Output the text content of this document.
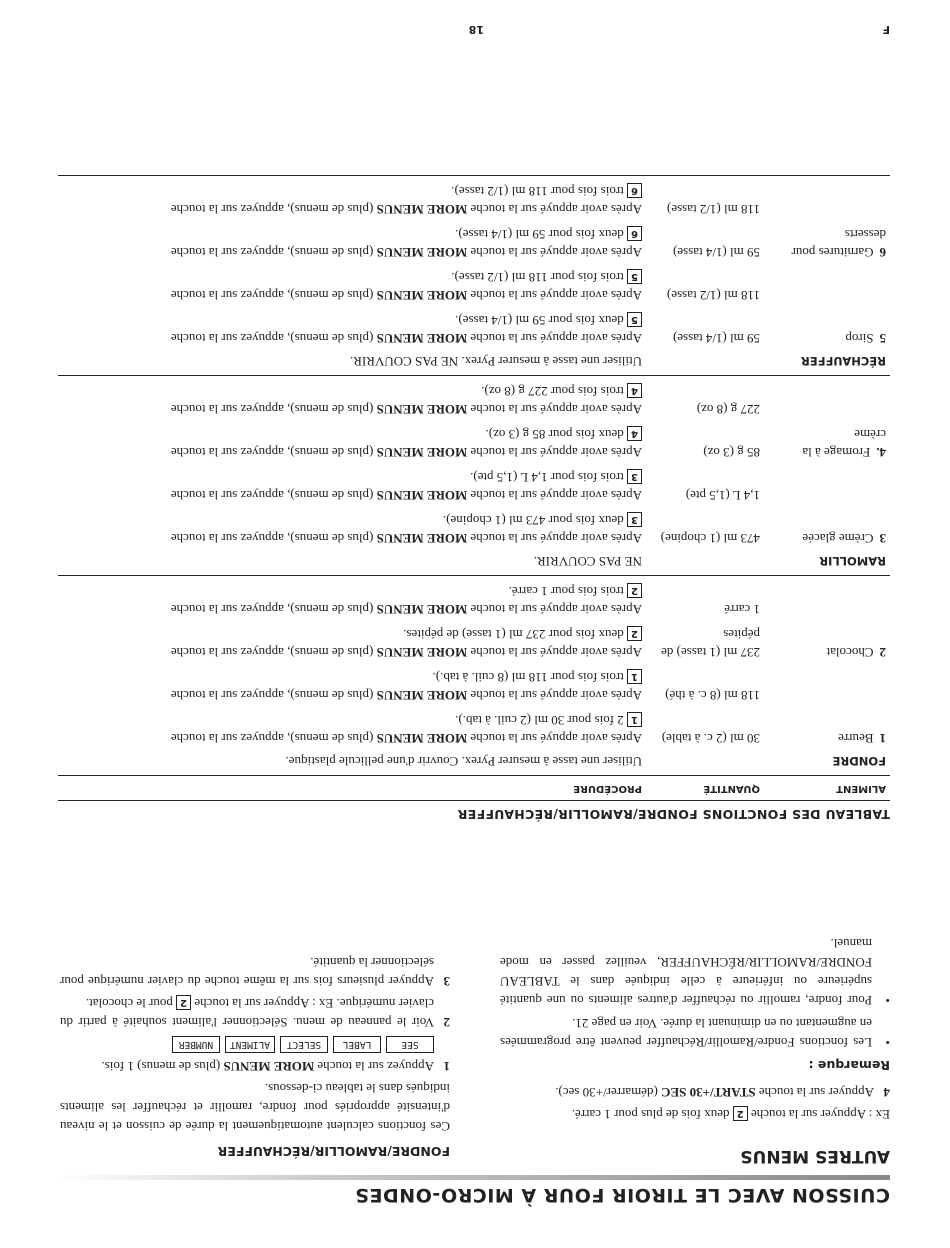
CUISSON AVEC LE TIROIR FOUR À MICRO-ONDES
AUTRES MENUS
Ex : Appuyer sur la touche 2 deux fois de plus pour 1 carré.
4
Appuyer sur la touche START/+30 SEC (démarrer/+30 sec).
Remarque :
•
Les fonctions Fondre/Ramollir/Réchauffer peuvent être programmées en augmentant ou en diminuant la durée. Voir en page 21.
•
Pour fondre, ramollir ou réchauffer d'autres aliments ou une quantité supérieure ou inférieure à celle indiquée dans le TABLEAU FONDRE/RAMOLLIR/RÉCHAUFFER, veuillez passer en mode manuel.
FONDRE/RAMOLLIR/RÉCHAUFFER
Ces fonctions calculent automatiquement la durée de cuisson et le niveau d'intensité appropriés pour fondre, ramollir et réchauffer les aliments indiqués dans le tableau ci-dessous.
1
Appuyez sur la touche MORE MENUS (plus de menus) 1 fois.
SEE
LABEL
SELECT
ALIMENT
NUMBER
2
Voir le panneau de menu. Sélectionner l'aliment souhaité à partir du clavier numérique. Ex : Appuyer sur la touche 2 pour le chocolat.
3
Appuyer plusieurs fois sur la même touche du clavier numérique pour sélectionner la quantité.
TABLEAU DES FONCTIONS FONDRE/RAMOLLIR/RÉCHAUFFER
ALIMENT	QUANTITÉ	PROCÉDURE
FONDRE		Utiliser une tasse à mesurer Pyrex. Couvrir d'une pellicule plastique.
1Beurre	30 ml (2 c. à table)	Après avoir appuyé sur la touche MORE MENUS (plus de menus), appuyez sur la touche
1 2 fois pour 30 ml (2 cuil. à tab.).
	118 ml (8 c. à thé)	Après avoir appuyé sur la touche MORE MENUS (plus de menus), appuyez sur la touche
1 trois fois pour 118 ml (8 cuil. à tab.).
2Chocolat	237 ml (1 tasse) de pépites	Après avoir appuyé sur la touche MORE MENUS (plus de menus), appuyez sur la touche
2 deux fois pour 237 ml (1 tasse) de pépites.
	1 carré	Après avoir appuyé sur la touche MORE MENUS (plus de menus), appuyez sur la touche
2 trois fois pour 1 carré.
RAMOLLIR		NE PAS COUVRIR.
3Crème glacée	473 ml (1 chopine)	Après avoir appuyé sur la touche MORE MENUS (plus de menus), appuyez sur la touche
3 deux fois pour 473 ml (1 chopine).
	1,4 L (1,5 pte)	Après avoir appuyé sur la touche MORE MENUS (plus de menus), appuyez sur la touche
3 trois fois pour 1,4 L (1,5 pte).
4.Fromage à la crème	85 g (3 oz)	Après avoir appuyé sur la touche MORE MENUS (plus de menus), appuyez sur la touche
4 deux fois pour 85 g (3 oz).
	227 g (8 oz)	Après avoir appuyé sur la touche MORE MENUS (plus de menus), appuyez sur la touche
4 trois fois pour 227 g (8 oz).
RÉCHAUFFER		Utiliser une tasse à mesurer Pyrex. NE PAS COUVRIR.
5Sirop	59 ml (1/4 tasse)	Après avoir appuyé sur la touche MORE MENUS (plus de menus), appuyez sur la touche
5 deux fois pour 59 ml (1/4 tasse).
	118 ml (1/2 tasse)	Après avoir appuyé sur la touche MORE MENUS (plus de menus), appuyez sur la touche
5 trois fois pour 118 ml (1/2 tasse).
6Garnitures pour desserts	59 ml (1/4 tasse)	Après avoir appuyé sur la touche MORE MENUS (plus de menus), appuyez sur la touche
6 deux fois pour 59 ml (1/4 tasse).
	118 ml (1/2 tasse)	Après avoir appuyé sur la touche MORE MENUS (plus de menus), appuyez sur la touche
6 trois fois pour 118 ml (1/2 tasse).

18	F
